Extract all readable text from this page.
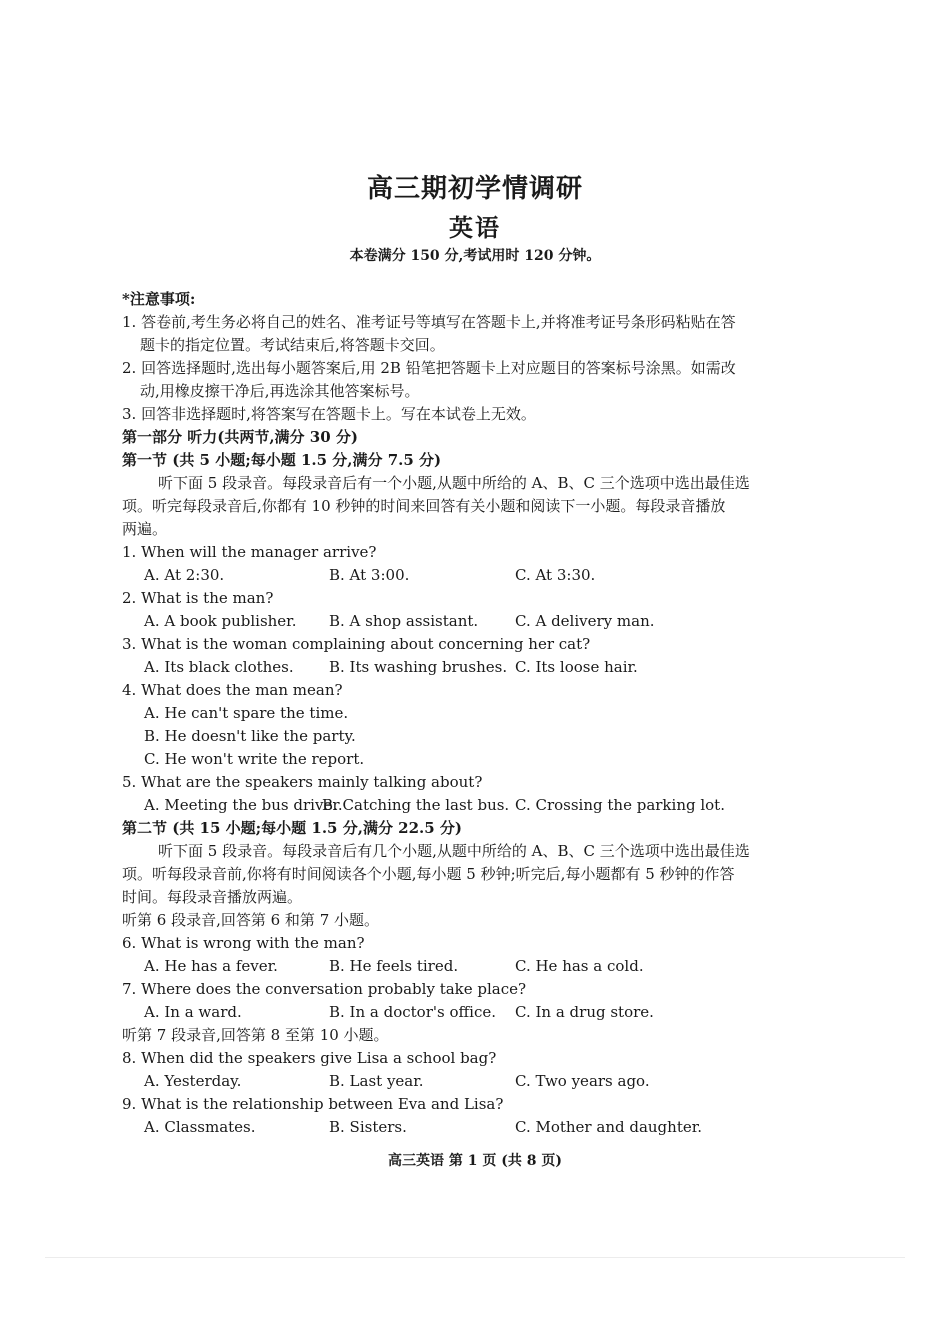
高三期初学情调研
英语
本卷满分 150 分,考试用时 120 分钟。
*注意事项:
1. 答卷前,考生务必将自己的姓名、准考证号等填写在答题卡上,并将准考证号条形码粘贴在答
题卡的指定位置。考试结束后,将答题卡交回。
2. 回答选择题时,选出每小题答案后,用 2B 铅笔把答题卡上对应题目的答案标号涂黑。如需改
动,用橡皮擦干净后,再选涂其他答案标号。
3. 回答非选择题时,将答案写在答题卡上。写在本试卷上无效。
第一部分 听力(共两节,满分 30 分)
第一节 (共 5 小题;每小题 1.5 分,满分 7.5 分)
听下面 5 段录音。每段录音后有一个小题,从题中所给的 A、B、C 三个选项中选出最佳选
项。听完每段录音后,你都有 10 秒钟的时间来回答有关小题和阅读下一小题。每段录音播放
两遍。
1. When will the manager arrive?
A. At 2:30.	B. At 3:00.	C. At 3:30.
2. What is the man?
A. A book publisher. B. A shop assistant. C. A delivery man.
3. What is the woman complaining about concerning her cat?
A. Its black clothes. B. Its washing brushes. C. Its loose hair.
4. What does the man mean?
A. He can't spare the time.
B. He doesn't like the party.
C. He won't write the report.
5. What are the speakers mainly talking about?
A. Meeting the bus driver.
B. Catching the last bus. C. Crossing the parking lot.
第二节 (共 15 小题;每小题 1.5 分,满分 22.5 分)
听下面 5 段录音。每段录音后有几个小题,从题中所给的 A、B、C 三个选项中选出最佳选
项。听每段录音前,你将有时间阅读各个小题,每小题 5 秒钟;听完后,每小题都有 5 秒钟的作答
时间。每段录音播放两遍。
听第 6 段录音,回答第 6 和第 7 小题。
6. What is wrong with the man?
A. He has a fever.	B. He feels tired.	C. He has a cold.
7. Where does the conversation probably take place?
A. In a ward.	B. In a doctor's office. C. In a drug store.
听第 7 段录音,回答第 8 至第 10 小题。
8. When did the speakers give Lisa a school bag?
A. Yesterday.	B. Last year.	C. Two years ago.
9. What is the relationship between Eva and Lisa?
A. Classmates.	B. Sisters.	C. Mother and daughter.
高三英语 第 1 页 (共 8 页)
